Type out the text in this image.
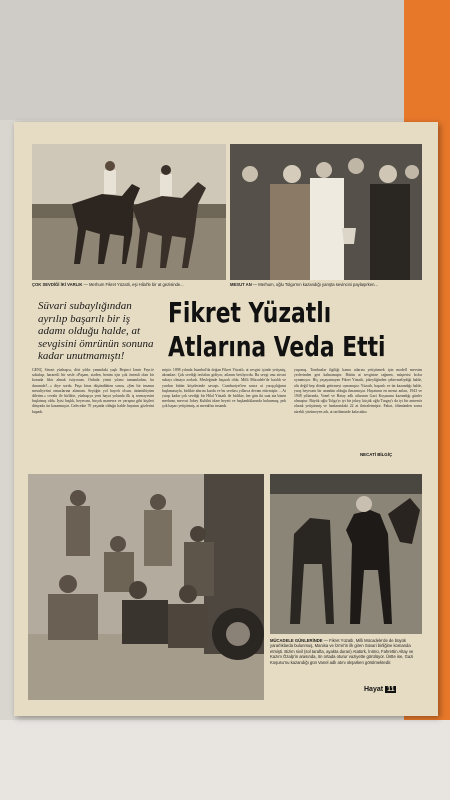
ÇOK SEVDİĞİ İKİ VARLIK — Merhum Fikret Yüzatlı, eşi Hilal'le bir at gezisinde...	MESUT AN — Merhum, oğlu Tolga'nın kazandığı yarışta sevincini paylaşırken...
Süvari subaylığından ayrılıp başarılı bir iş adamı olduğu halde, at sevgisini ömrünün sonuna kadar unutmamıştı!
Fikret Yüzatlı
Atlarına Veda Etti
GENÇ Süvari yüzbaşısı, dört yıldır yanındaki yaşlı Beşinci İzmir Fayrı'e sokulup, hararetli bir sesle «Paşam, sizden, benim için çok önemli olan bir konuda fikir almak istiyorum. Orduda yirmi yılımı tamamladım, bu durumda?...» diye sordu. Paşa biraz düşündükten sonra, «Şen bir insanın mesuliyetini omuzlarına alamam. Seçtiğin yol hayırlı olsun, üzüntülüyüm dilerim.» cevabı ile birlikte, yüzbaşıya yeni hayat yolunda ilk iş sermayesini başlatmış oldu. İyisi başlık, heyecanı, birçok manevra ve yarışma gibi kişileri dünyada ün kazanmıştır. Gelecekte 70 yaşında olduğu halde hayatını gözlerini kapadı.
miştir. 1898 yılında İstanbul'da doğan Fikret Yüzatlı, at sevgisi içinde yetişmiş, akranları: Çok sevdiği tavlaları gidiyor, atlarını besliyordu. Bu sevgi onu süvari subayı olmaya zorladı. Mesleğinde başarılı oldu. Milli Mücadele'de katıldı ve yurdun bütün köşelerinde savaştı. Cumhuriyet'ten sonra at yarışçılığının başlamasıyla, birlikte ahırını kurdu ve bu sevdası yıllarca devam ettirmiştir. ...At yarışı kadar çok sevdiği bir Hilal Yüzatlı ile birlikte, her gün iki saat ata binen merhum, mevcut Jokey Kulübü idare heyeti ve başkanlıklarında bulunmuş, pek çok başarı yetiştirmiş, at meraklısı insandı.
yaşamış. Tombazlar ilgiliği kamu atlarını yetiştirmek için modell mevsim yerlerinden geri kalmamıştır. Bütün at sevgisine rağmen, müşterisi bolca oynamıyor. Hiç yaşayamayan Fikret Yüzatlı, jokeyliğinden çekirrmeliydiği halde, altı değil hep dönük getirmeyi oynamıştır. Yüzatlı, başarılı ve ün kazandığı halde, yarış heyecanı bir anından olduğu ilmarmıştır. Hayatının en mesut anları, 1943 ve 1948 yıllarında, Vanel ve Hatay adlı atlarının Gazi Koşusunu kazandığı günler olmuştur. Büyük oğlu Tolga'yı iyi bir jokey, küçük oğlu Turgay'ı da iyi bir antrenör olarak yetiştirmiş ve hanlarındaki 22 at ilniraletmiştir. Fakat, ölümünden sonra sürekli yürümeyen adı, at tarihimizde kalacaktır.
NECATİ BİLGİÇ
MÜCADELE GÜNLERİNDE — Fikret Yüzatlı, Milli Mücadele'de de büyük yararlıklarda bulunmuş, Manisa ve İzmir'in ilk giren Süvari birliğine komanda etmişti. Bizim sivil (sol tarafta, ayakta duran) Atatürk, İnönü, Fahrettin Altay ve Kazım Özalp'in arasında, ön ortada oturur vaziyette görülüyor. Üstte ise, Gazi Koşusu'nu kazandığı gün Vanel adlı atını okşarken görülmektedir.
Hayat 11
